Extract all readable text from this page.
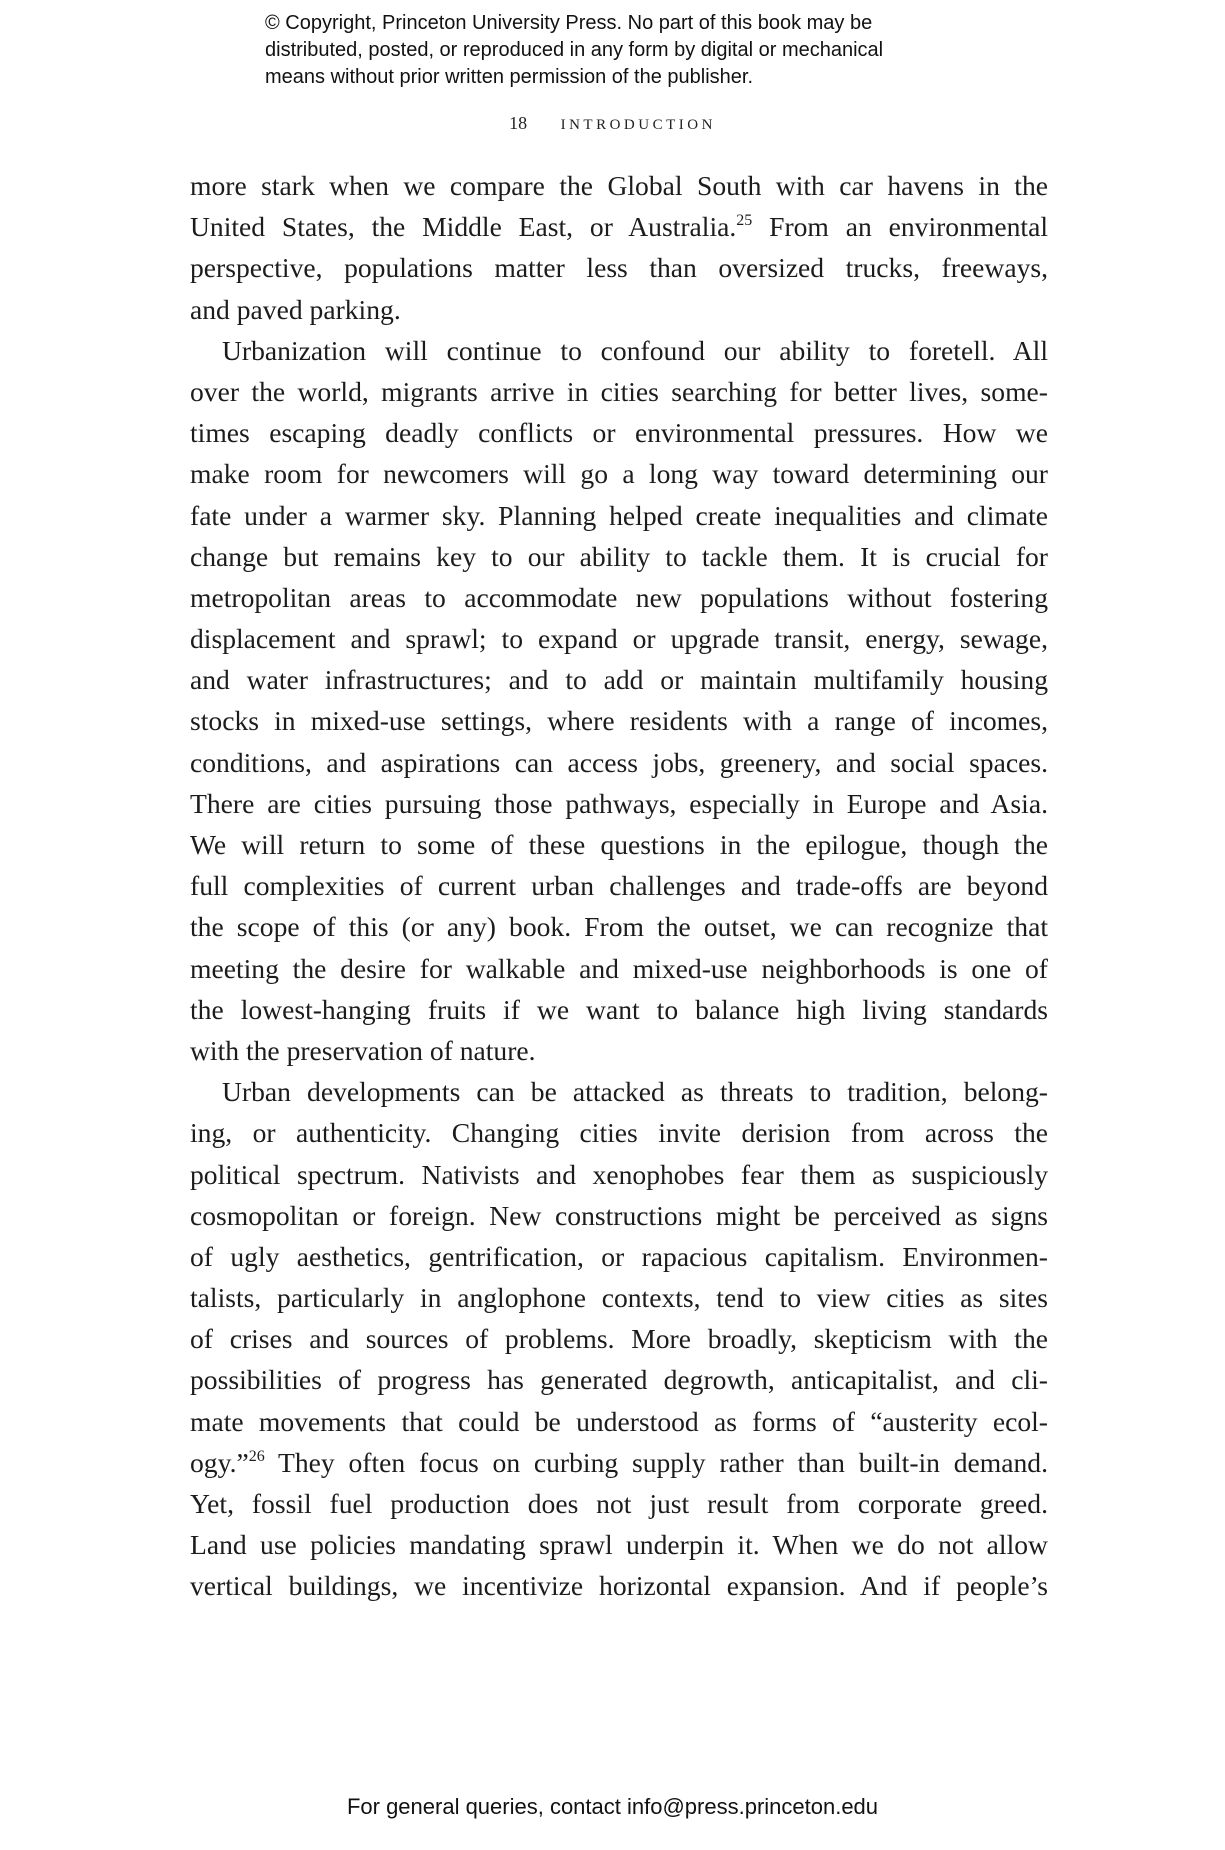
© Copyright, Princeton University Press. No part of this book may be
distributed, posted, or reproduced in any form by digital or mechanical
means without prior written permission of the publisher.
18 INTRODUCTION
more stark when we compare the Global South with car havens in the
United States, the Middle East, or Australia.$^{25}$ From an environmental
perspective, populations matter less than oversized trucks, freeways,
and paved parking.
Urbanization will continue to confound our ability to foretell. All
over the world, migrants arrive in cities searching for better lives, some-
times escaping deadly conflicts or environmental pressures. How we
make room for newcomers will go a long way toward determining our
fate under a warmer sky. Planning helped create inequalities and climate
change but remains key to our ability to tackle them. It is crucial for
metropolitan areas to accommodate new populations without fostering
displacement and sprawl; to expand or upgrade transit, energy, sewage,
and water infrastructures; and to add or maintain multifamily housing
stocks in mixed-use settings, where residents with a range of incomes,
conditions, and aspirations can access jobs, greenery, and social spaces.
There are cities pursuing those pathways, especially in Europe and Asia.
We will return to some of these questions in the epilogue, though the
full complexities of current urban challenges and trade-offs are beyond
the scope of this (or any) book. From the outset, we can recognize that
meeting the desire for walkable and mixed-use neighborhoods is one of
the lowest-hanging fruits if we want to balance high living standards
with the preservation of nature.
Urban developments can be attacked as threats to tradition, belong-
ing, or authenticity. Changing cities invite derision from across the
political spectrum. Nativists and xenophobes fear them as suspiciously
cosmopolitan or foreign. New constructions might be perceived as signs
of ugly aesthetics, gentrification, or rapacious capitalism. Environmen-
talists, particularly in anglophone contexts, tend to view cities as sites
of crises and sources of problems. More broadly, skepticism with the
possibilities of progress has generated degrowth, anticapitalist, and cli-
mate movements that could be understood as forms of “austerity ecol-
ogy.”$^{26}$ They often focus on curbing supply rather than built-in demand.
Yet, fossil fuel production does not just result from corporate greed.
Land use policies mandating sprawl underpin it. When we do not allow
vertical buildings, we incentivize horizontal expansion. And if people’s
For general queries, contact info@press.princeton.edu
